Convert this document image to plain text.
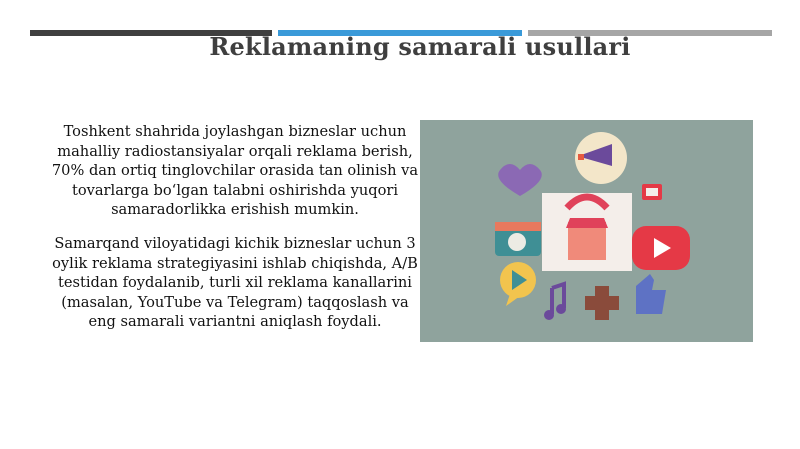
Reklamaning samarali usullari

Toshkent shahrida joylashgan bizneslar uchun mahalliy radiostansiyalar orqali reklama berish, 70% dan ortiq tinglovchilar orasida tan olinish va tovarlarga bo‘lgan talabni oshirishda yuqori samaradorlikka erishish mumkin.

Samarqand viloyatidagi kichik bizneslar uchun 3 oylik reklama strategiyasini ishlab chiqishda, A/B testidan foydalanib, turli xil reklama kanallarini (masalan, YouTube va Telegram) taqqoslash va eng samarali variantni aniqlash foydali.
